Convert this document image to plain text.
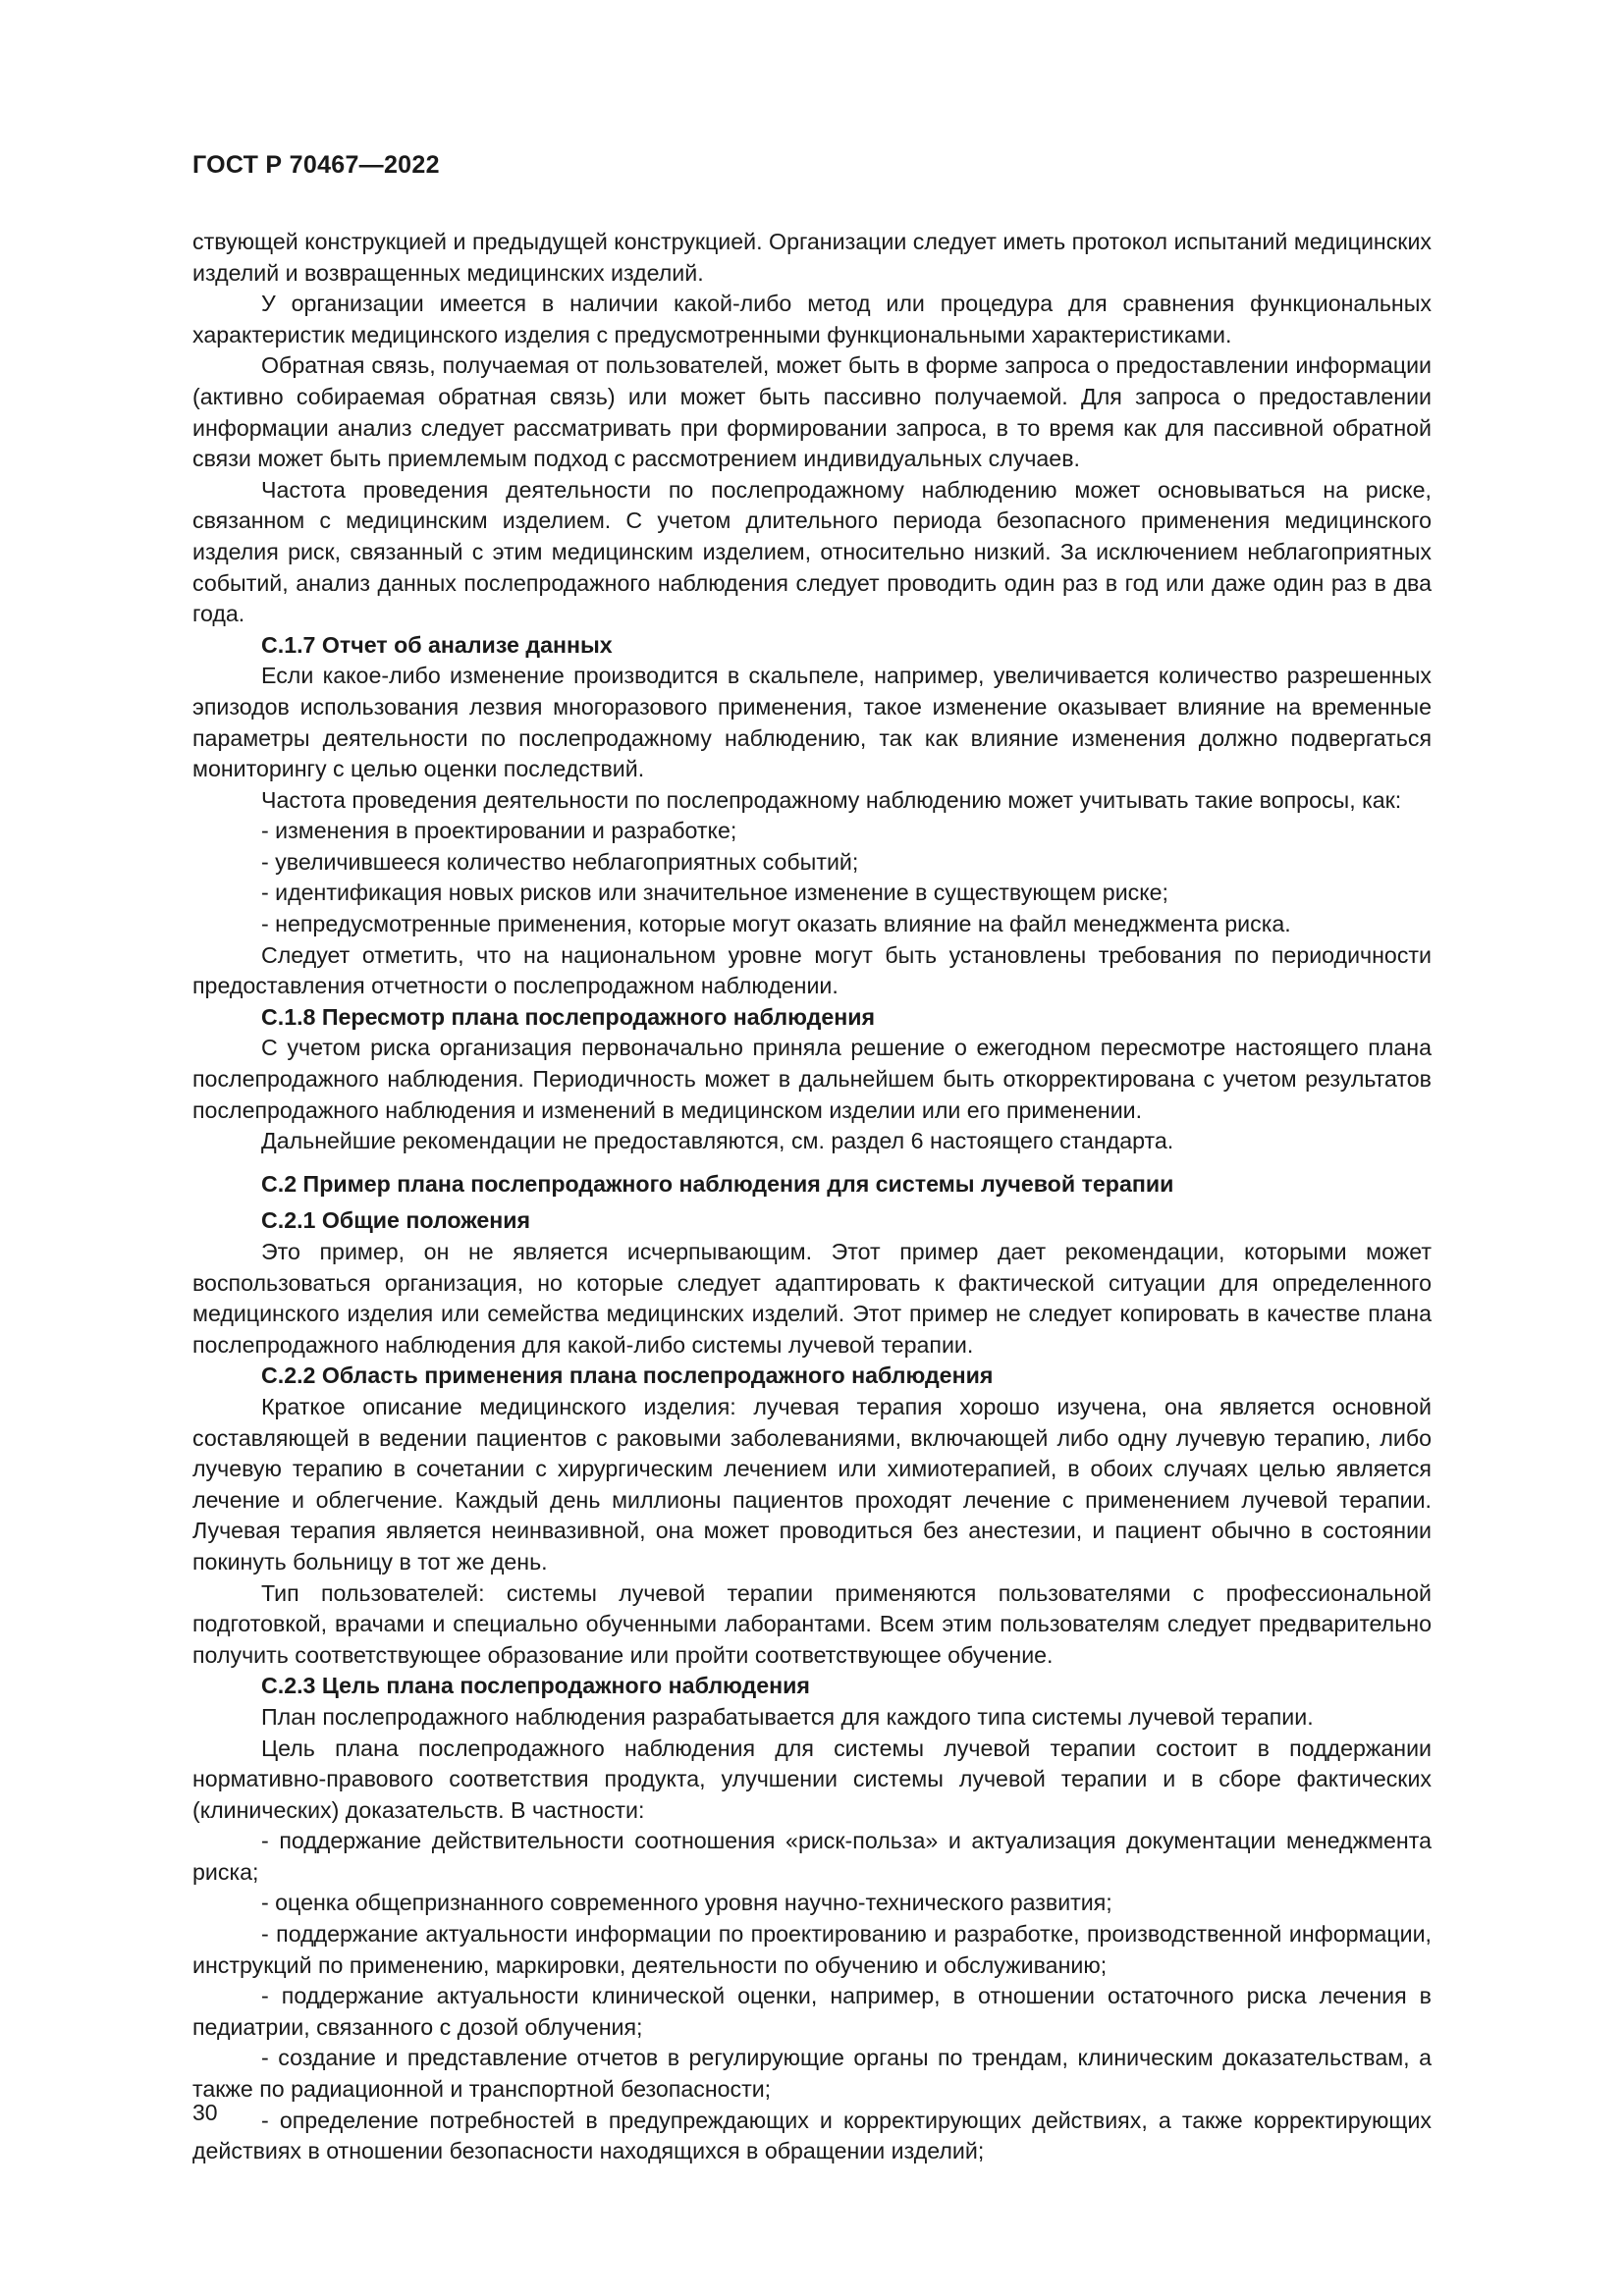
ГОСТ Р 70467—2022

ствующей конструкцией и предыдущей конструкцией. Организации следует иметь протокол испытаний медицинских изделий и возвращенных медицинских изделий.

У организации имеется в наличии какой-либо метод или процедура для сравнения функциональных характеристик медицинского изделия с предусмотренными функциональными характеристиками.

Обратная связь, получаемая от пользователей, может быть в форме запроса о предоставлении информации (активно собираемая обратная связь) или может быть пассивно получаемой. Для запроса о предоставлении информации анализ следует рассматривать при формировании запроса, в то время как для пассивной обратной связи может быть приемлемым подход с рассмотрением индивидуальных случаев.

Частота проведения деятельности по послепродажному наблюдению может основываться на риске, связанном с медицинским изделием. С учетом длительного периода безопасного применения медицинского изделия риск, связанный с этим медицинским изделием, относительно низкий. За исключением неблагоприятных событий, анализ данных послепродажного наблюдения следует проводить один раз в год или даже один раз в два года.

С.1.7 Отчет об анализе данных

Если какое-либо изменение производится в скальпеле, например, увеличивается количество разрешенных эпизодов использования лезвия многоразового применения, такое изменение оказывает влияние на временные параметры деятельности по послепродажному наблюдению, так как влияние изменения должно подвергаться мониторингу с целью оценки последствий.

Частота проведения деятельности по послепродажному наблюдению может учитывать такие вопросы, как:

- изменения в проектировании и разработке;

- увеличившееся количество неблагоприятных событий;

- идентификация новых рисков или значительное изменение в существующем риске;

- непредусмотренные применения, которые могут оказать влияние на файл менеджмента риска.

Следует отметить, что на национальном уровне могут быть установлены требования по периодичности предоставления отчетности о послепродажном наблюдении.

С.1.8 Пересмотр плана послепродажного наблюдения

С учетом риска организация первоначально приняла решение о ежегодном пересмотре настоящего плана послепродажного наблюдения. Периодичность может в дальнейшем быть откорректирована с учетом результатов послепродажного наблюдения и изменений в медицинском изделии или его применении.

Дальнейшие рекомендации не предоставляются, см. раздел 6 настоящего стандарта.

С.2 Пример плана послепродажного наблюдения для системы лучевой терапии

С.2.1 Общие положения

Это пример, он не является исчерпывающим. Этот пример дает рекомендации, которыми может воспользоваться организация, но которые следует адаптировать к фактической ситуации для определенного медицинского изделия или семейства медицинских изделий. Этот пример не следует копировать в качестве плана послепродажного наблюдения для какой-либо системы лучевой терапии.

С.2.2 Область применения плана послепродажного наблюдения

Краткое описание медицинского изделия: лучевая терапия хорошо изучена, она является основной составляющей в ведении пациентов с раковыми заболеваниями, включающей либо одну лучевую терапию, либо лучевую терапию в сочетании с хирургическим лечением или химиотерапией, в обоих случаях целью является лечение и облегчение. Каждый день миллионы пациентов проходят лечение с применением лучевой терапии. Лучевая терапия является неинвазивной, она может проводиться без анестезии, и пациент обычно в состоянии покинуть больницу в тот же день.

Тип пользователей: системы лучевой терапии применяются пользователями с профессиональной подготовкой, врачами и специально обученными лаборантами. Всем этим пользователям следует предварительно получить соответствующее образование или пройти соответствующее обучение.

С.2.3 Цель плана послепродажного наблюдения

План послепродажного наблюдения разрабатывается для каждого типа системы лучевой терапии.

Цель плана послепродажного наблюдения для системы лучевой терапии состоит в поддержании нормативно-правового соответствия продукта, улучшении системы лучевой терапии и в сборе фактических (клинических) доказательств. В частности:

- поддержание действительности соотношения «риск-польза» и актуализация документации менеджмента риска;

- оценка общепризнанного современного уровня научно-технического развития;

- поддержание актуальности информации по проектированию и разработке, производственной информации, инструкций по применению, маркировки, деятельности по обучению и обслуживанию;

- поддержание актуальности клинической оценки, например, в отношении остаточного риска лечения в педиатрии, связанного с дозой облучения;

- создание и представление отчетов в регулирующие органы по трендам, клиническим доказательствам, а также по радиационной и транспортной безопасности;

- определение потребностей в предупреждающих и корректирующих действиях, а также корректирующих действиях в отношении безопасности находящихся в обращении изделий;

30
